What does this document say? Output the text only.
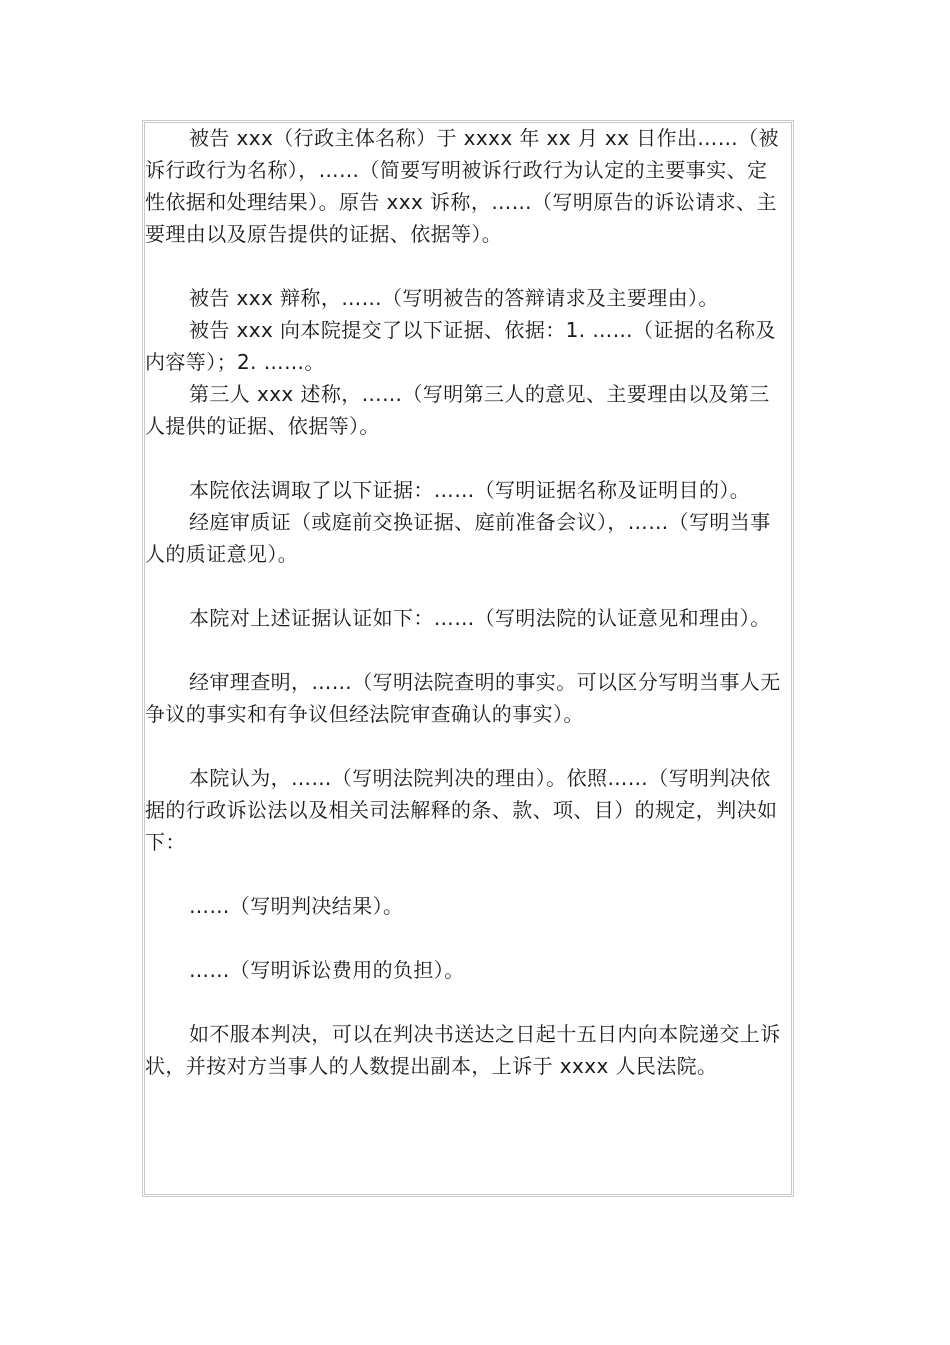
被告 xxx（行政主体名称）于 xxxx 年 xx 月 xx 日作出……（被诉行政行为名称），……（简要写明被诉行政行为认定的主要事实、定性依据和处理结果）。原告 xxx 诉称，……（写明原告的诉讼请求、主要理由以及原告提供的证据、依据等）。

被告 xxx 辩称，……（写明被告的答辩请求及主要理由）。

被告 xxx 向本院提交了以下证据、依据：1. ……（证据的名称及内容等）；2. ……。

第三人 xxx 述称，……（写明第三人的意见、主要理由以及第三人提供的证据、依据等）。

本院依法调取了以下证据：……（写明证据名称及证明目的）。

经庭审质证（或庭前交换证据、庭前准备会议），……（写明当事人的质证意见）。

本院对上述证据认证如下：……（写明法院的认证意见和理由）。

经审理查明，……（写明法院查明的事实。可以区分写明当事人无争议的事实和有争议但经法院审查确认的事实）。

本院认为，……（写明法院判决的理由）。依照……（写明判决依据的行政诉讼法以及相关司法解释的条、款、项、目）的规定，判决如下：

……（写明判决结果）。

……（写明诉讼费用的负担）。

如不服本判决，可以在判决书送达之日起十五日内向本院递交上诉状，并按对方当事人的人数提出副本，上诉于 xxxx 人民法院。
